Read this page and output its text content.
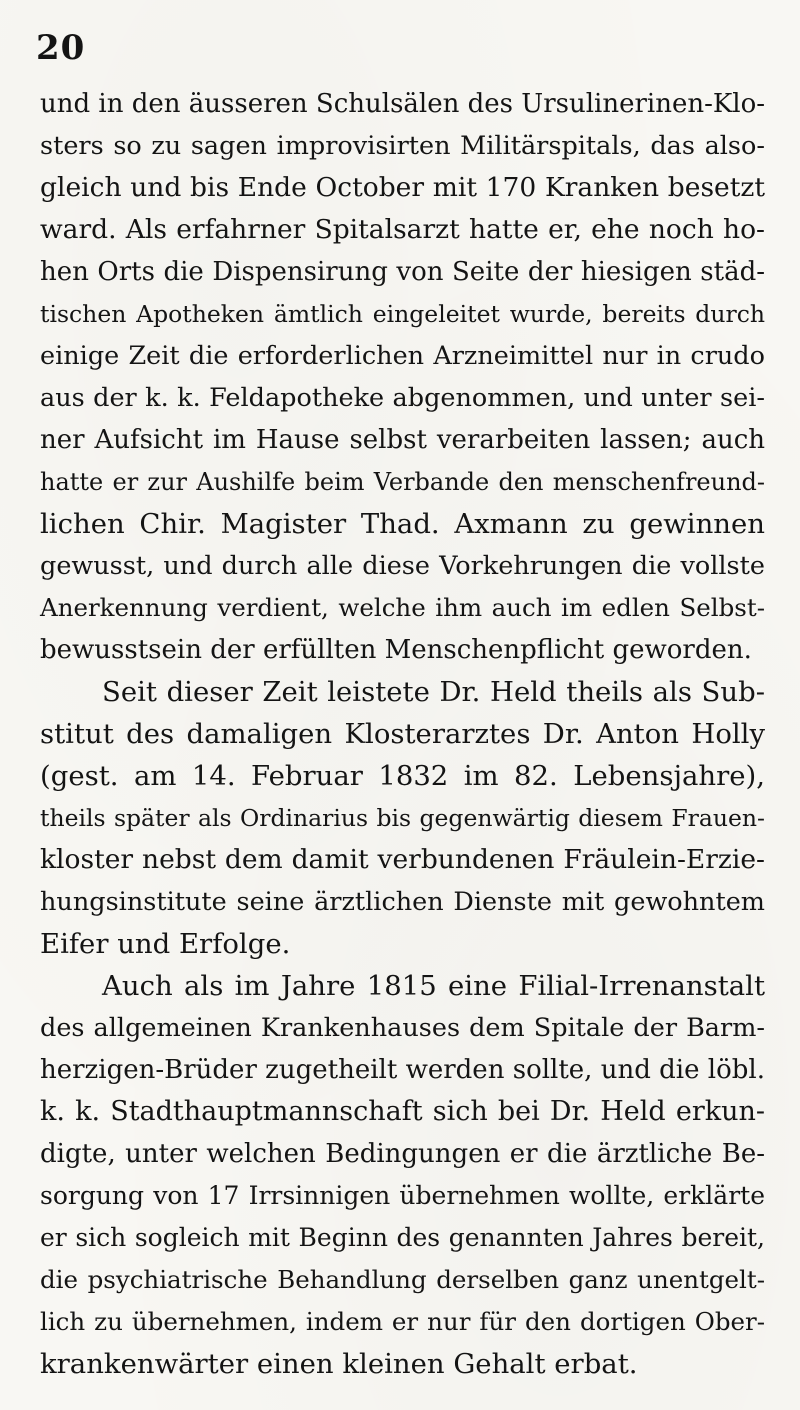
20
und in den äusseren Schulsälen des Ursulinerinen-Klo-
sters so zu sagen improvisirten Militärspitals, das also-
gleich und bis Ende October mit 170 Kranken besetzt
ward. Als erfahrner Spitalsarzt hatte er, ehe noch ho-
hen Orts die Dispensirung von Seite der hiesigen städ-
tischen Apotheken ämtlich eingeleitet wurde, bereits durch
einige Zeit die erforderlichen Arzneimittel nur in crudo
aus der k. k. Feldapotheke abgenommen, und unter sei-
ner Aufsicht im Hause selbst verarbeiten lassen; auch
hatte er zur Aushilfe beim Verbande den menschenfreund-
lichen Chir. Magister Thad. Axmann zu gewinnen
gewusst, und durch alle diese Vorkehrungen die vollste
Anerkennung verdient, welche ihm auch im edlen Selbst-
bewusstsein der erfüllten Menschenpflicht geworden.
Seit dieser Zeit leistete Dr. Held theils als Sub-
stitut des damaligen Klosterarztes Dr. Anton Holly
(gest. am 14. Februar 1832 im 82. Lebensjahre),
theils später als Ordinarius bis gegenwärtig diesem Frauen-
kloster nebst dem damit verbundenen Fräulein-Erzie-
hungsinstitute seine ärztlichen Dienste mit gewohntem
Eifer und Erfolge.
Auch als im Jahre 1815 eine Filial-Irrenanstalt
des allgemeinen Krankenhauses dem Spitale der Barm-
herzigen-Brüder zugetheilt werden sollte, und die löbl.
k. k. Stadthauptmannschaft sich bei Dr. Held erkun-
digte, unter welchen Bedingungen er die ärztliche Be-
sorgung von 17 Irrsinnigen übernehmen wollte, erklärte
er sich sogleich mit Beginn des genannten Jahres bereit,
die psychiatrische Behandlung derselben ganz unentgelt-
lich zu übernehmen, indem er nur für den dortigen Ober-
krankenwärter einen kleinen Gehalt erbat.
